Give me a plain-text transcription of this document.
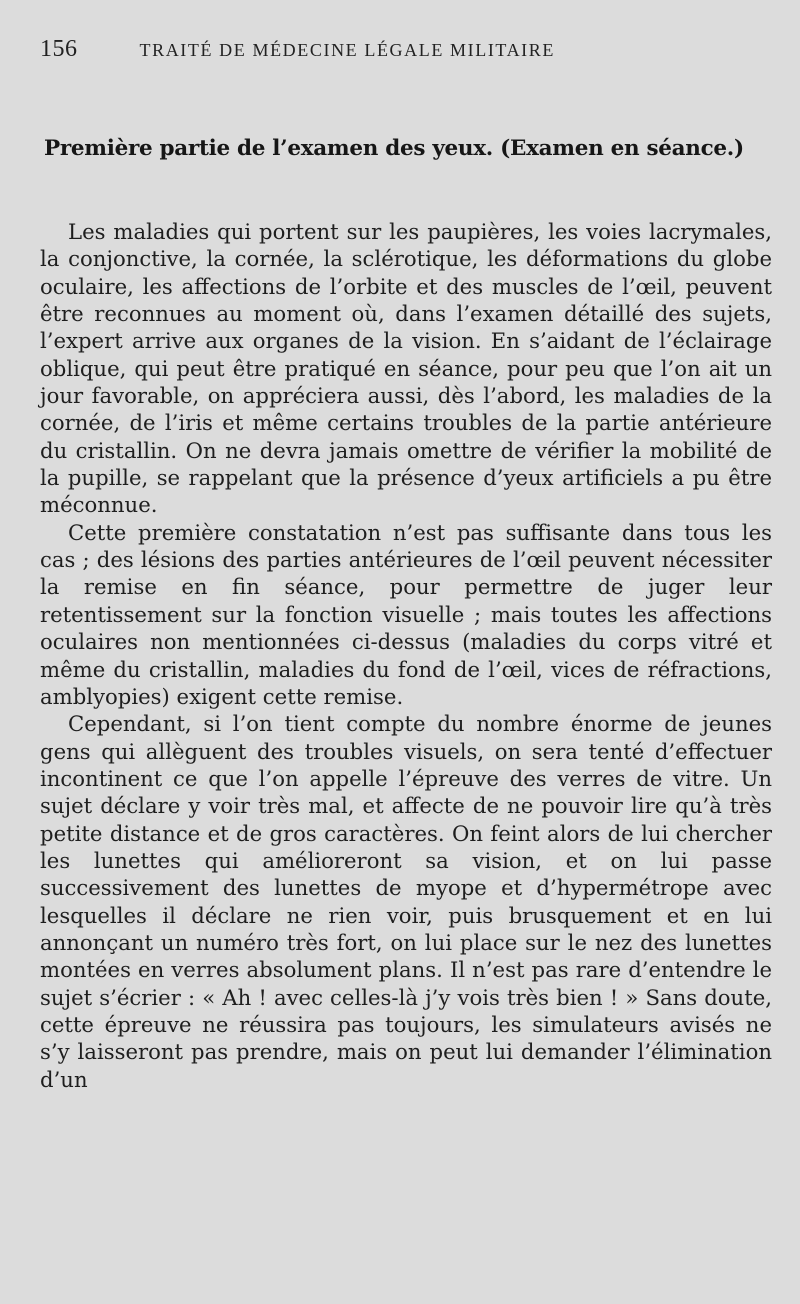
156	TRAITÉ DE MÉDECINE LÉGALE MILITAIRE
Première partie de l’examen des yeux. (Examen en séance.)

Les maladies qui portent sur les paupières, les voies lacrymales, la conjonctive, la cornée, la sclérotique, les déformations du globe oculaire, les affections de l’orbite et des muscles de l’œil, peuvent être reconnues au moment où, dans l’examen détaillé des sujets, l’expert arrive aux organes de la vision. En s’aidant de l’éclairage oblique, qui peut être pratiqué en séance, pour peu que l’on ait un jour favorable, on appréciera aussi, dès l’abord, les maladies de la cornée, de l’iris et même certains troubles de la partie antérieure du cristallin. On ne devra jamais omettre de vérifier la mobilité de la pupille, se rappelant que la présence d’yeux artificiels a pu être méconnue.

Cette première constatation n’est pas suffisante dans tous les cas ; des lésions des parties antérieures de l’œil peuvent nécessiter la remise en fin séance, pour permettre de juger leur retentissement sur la fonction visuelle ; mais toutes les affections oculaires non mentionnées ci-dessus (maladies du corps vitré et même du cristallin, maladies du fond de l’œil, vices de réfractions, amblyopies) exigent cette remise.

Cependant, si l’on tient compte du nombre énorme de jeunes gens qui allèguent des troubles visuels, on sera tenté d’effectuer incontinent ce que l’on appelle l’épreuve des verres de vitre. Un sujet déclare y voir très mal, et affecte de ne pouvoir lire qu’à très petite distance et de gros caractères. On feint alors de lui chercher les lunettes qui amélioreront sa vision, et on lui passe successivement des lunettes de myope et d’hypermétrope avec lesquelles il déclare ne rien voir, puis brusquement et en lui annonçant un numéro très fort, on lui place sur le nez des lunettes montées en verres absolument plans. Il n’est pas rare d’entendre le sujet s’écrier : « Ah ! avec celles-là j’y vois très bien ! » Sans doute, cette épreuve ne réussira pas toujours, les simulateurs avisés ne s’y laisseront pas prendre, mais on peut lui demander l’élimination d’un
